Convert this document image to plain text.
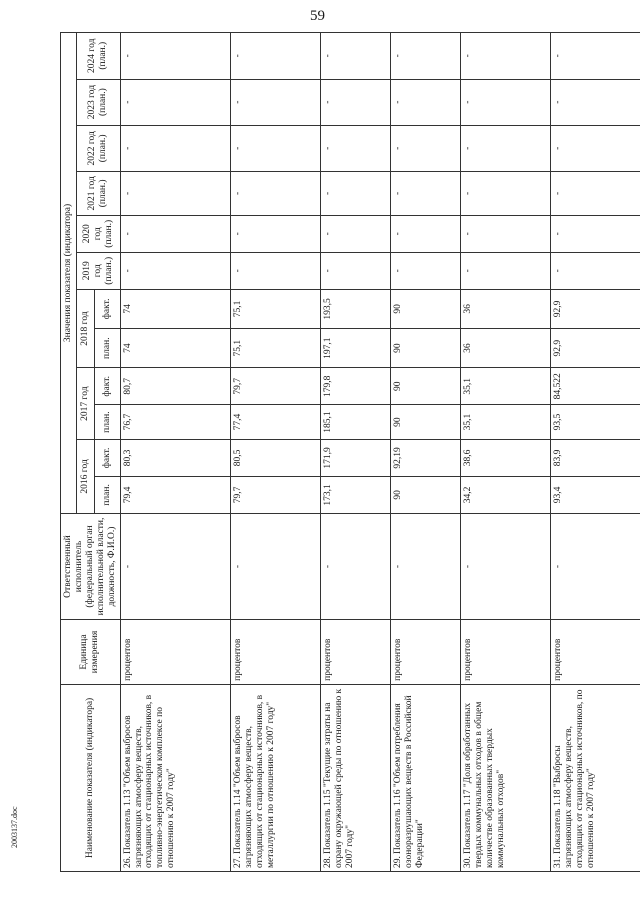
59
2003137.doc	Наименование показателя (индикатора)	Единица измерения	Ответственный исполнитель (федеральный орган исполнительной власти, должность, Ф.И.О.)	Значения показателя (индикатора)											
			2016 год		2017 год		2018 год		2019 год (план.)	2020 год (план.)	2021 год (план.)	2022 год (план.)	2023 год (план.)	2024 год (план.)
			план.	факт.	план.	факт.	план.	факт.						
26.Показатель 1.13 "Объем выбросов загрязняющих атмосферу веществ, отходящих от стационарных источников, в топливно-энергетическом комплексе по отношению к 2007 году"	процентов	-	79,4	80,3	76,7	80,7	74	74	-	-	-	-	-	-
27.Показатель 1.14 "Объем выбросов загрязняющих атмосферу веществ, отходящих от стационарных источников, в металлургии по отношению к 2007 году"	процентов	-	79,7	80,5	77,4	79,7	75,1	75,1	-	-	-	-	-	-
28.Показатель 1.15 "Текущие затраты на охрану окружающей среды по отношению к 2007 году"	процентов	-	173,1	171,9	185,1	179,8	197,1	193,5	-	-	-	-	-	-
29.Показатель 1.16 "Объем потребления озоноразрушающих веществ в Российской Федерации"	процентов	-	90	92,19	90	90	90	90	-	-	-	-	-	-
30.Показатель 1.17 "Доля обработанных твердых коммунальных отходов в общем количестве образованных твердых коммунальных отходов"	процентов	-	34,2	38,6	35,1	35,1	36	36	-	-	-	-	-	-
31.Показатель 1.18 "Выбросы загрязняющих атмосферу веществ, отходящих от стационарных источников, по отношению к 2007 году"	процентов	-	93,4	83,9	93,5	84,522	92,9	92,9	-	-	-	-	-	-
